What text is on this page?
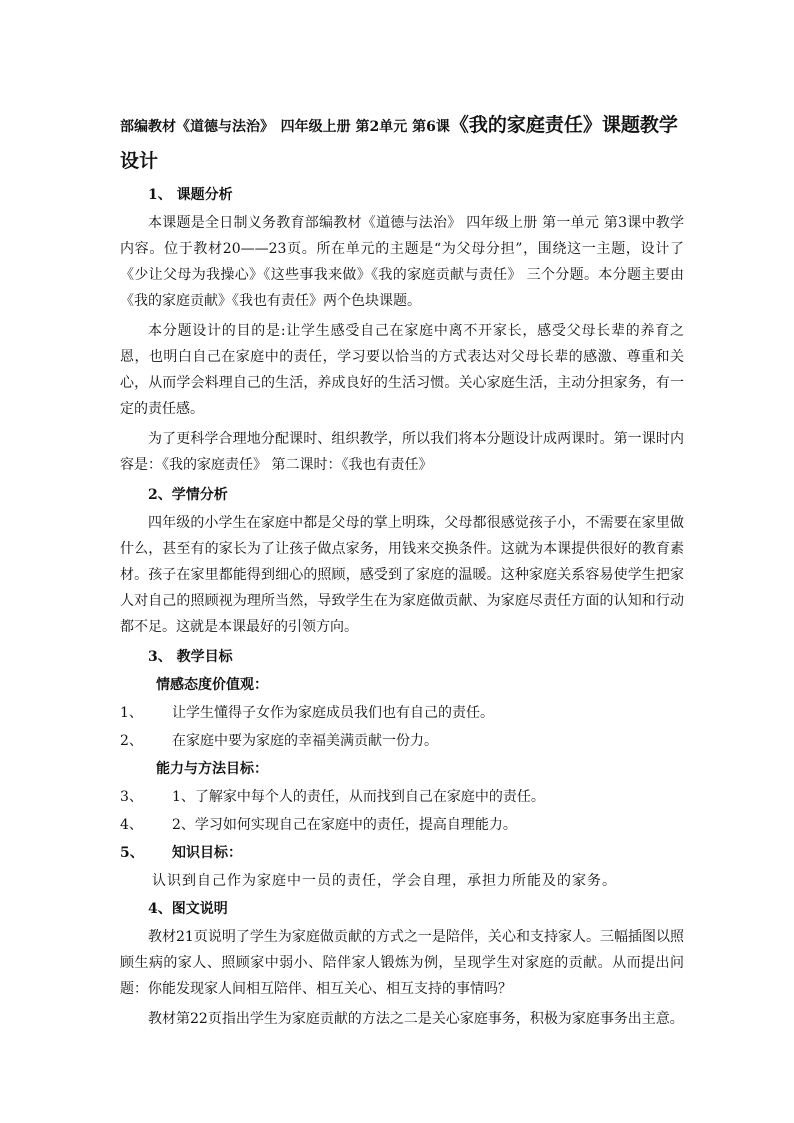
部编教材《道德与法治》 四年级上册 第2单元 第6课《我的家庭责任》课题教学设计
1、 课题分析

本课题是全日制义务教育部编教材《道德与法治》 四年级上册 第一单元 第3课中教学内容。位于教材20——23页。所在单元的主题是“为父母分担”，围绕这一主题，设计了《少让父母为我操心》《这些事我来做》《我的家庭贡献与责任》 三个分题。本分题主要由《我的家庭贡献》《我也有责任》两个色块课题。

本分题设计的目的是:让学生感受自己在家庭中离不开家长，感受父母长辈的养育之恩，也明白自己在家庭中的责任，学习要以恰当的方式表达对父母长辈的感激、尊重和关心，从而学会料理自己的生活，养成良好的生活习惯。关心家庭生活，主动分担家务，有一定的责任感。

为了更科学合理地分配课时、组织教学，所以我们将本分题设计成两课时。第一课时内容是：《我的家庭责任》 第二课时：《我也有责任》

2、学情分析

四年级的小学生在家庭中都是父母的掌上明珠，父母都很感觉孩子小，不需要在家里做什么，甚至有的家长为了让孩子做点家务，用钱来交换条件。这就为本课提供很好的教育素材。孩子在家里都能得到细心的照顾，感受到了家庭的温暖。这种家庭关系容易使学生把家人对自己的照顾视为理所当然，导致学生在为家庭做贡献、为家庭尽责任方面的认知和行动都不足。这就是本课最好的引领方向。

3、 教学目标
情感态度价值观：
1、	让学生懂得子女作为家庭成员我们也有自己的责任。
2、	在家庭中要为家庭的幸福美满贡献一份力。
能力与方法目标：
3、	1、了解家中每个人的责任，从而找到自己在家庭中的责任。
4、	2、学习如何实现自己在家庭中的责任，提高自理能力。
5、	知识目标：
认识到自己作为家庭中一员的责任，学会自理，承担力所能及的家务。
4、图文说明

教材21页说明了学生为家庭做贡献的方式之一是陪伴，关心和支持家人。三幅插图以照顾生病的家人、照顾家中弱小、陪伴家人锻炼为例，呈现学生对家庭的贡献。从而提出问题：你能发现家人间相互陪伴、相互关心、相互支持的事情吗？

教材第22页指出学生为家庭贡献的方法之二是关心家庭事务，积极为家庭事务出主意。
